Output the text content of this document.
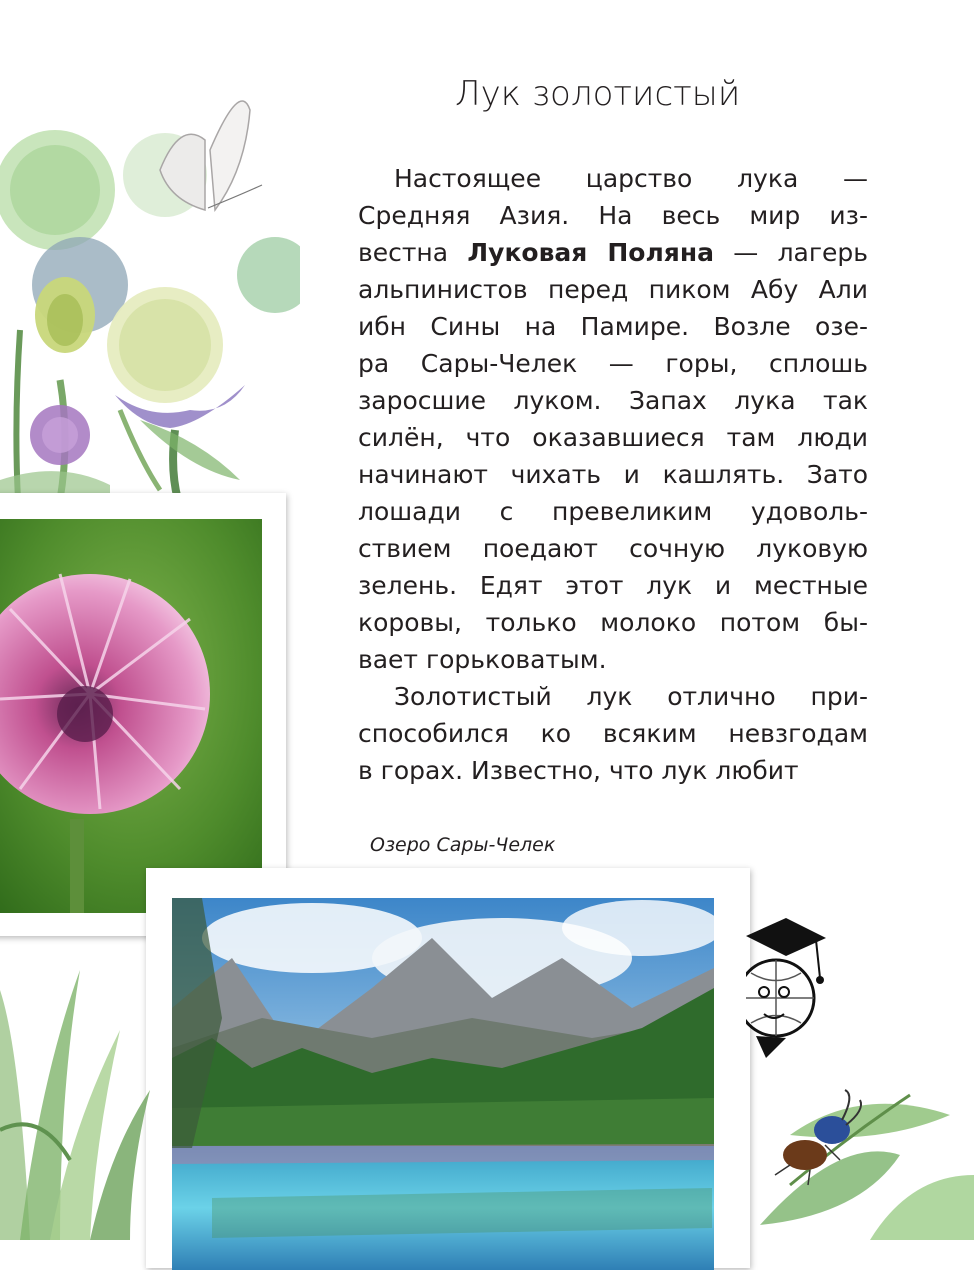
Лук золотистый
Настоящее царство лука —
Средняя Азия. На весь мир из-
вестна Луковая Поляна — лагерь
альпинистов перед пиком Абу Али
ибн Сины на Памире. Возле озе-
ра Сары-Челек — горы, сплошь
заросшие луком. Запах лука так
силён, что оказавшиеся там люди
начинают чихать и кашлять. Зато
лошади с превеликим удоволь-
ствием поедают сочную луковую
зелень. Едят этот лук и местные
коровы, только молоко потом бы-
вает горьковатым.
Золотистый лук отлично при-
способился ко всяким невзгодам
в горах. Известно, что лук любит
Озеро Сары-Челек
